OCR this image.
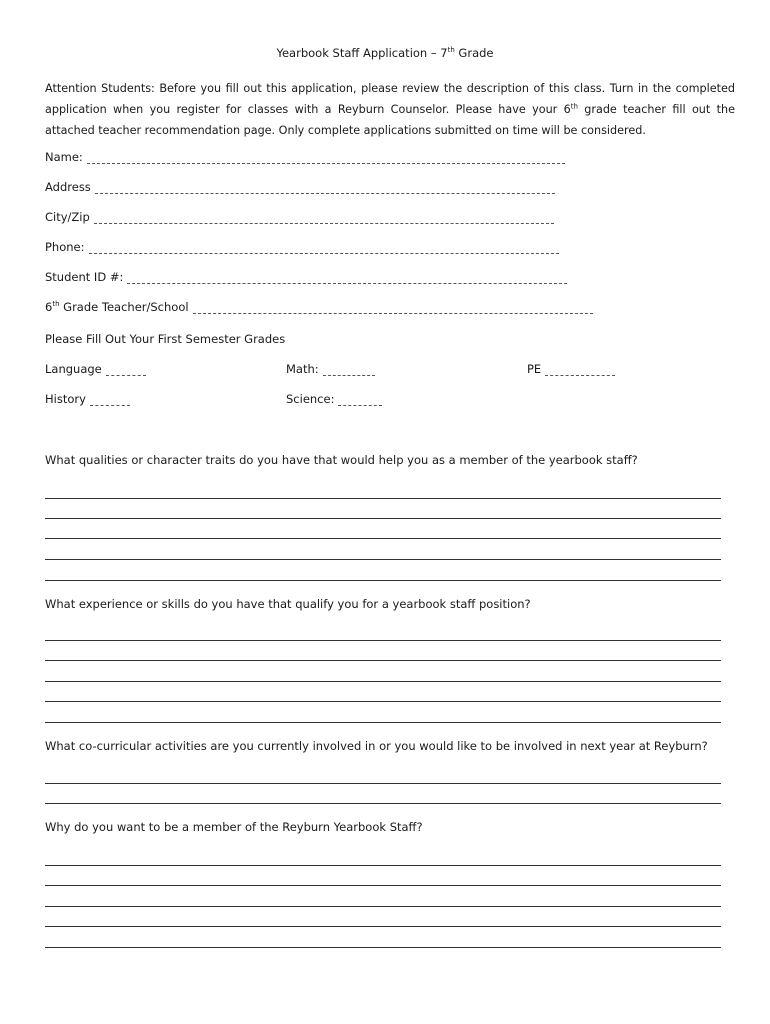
Yearbook Staff Application – 7th Grade
Attention Students: Before you fill out this application, please review the description of this class. Turn in the completed application when you register for classes with a Reyburn Counselor. Please have your 6th grade teacher fill out the attached teacher recommendation page. Only complete applications submitted on time will be considered.
Name:
Address
City/Zip
Phone:
Student ID #:
6th Grade Teacher/School
Please Fill Out Your First Semester Grades
Language	Math:	PE
History	Science:
What qualities or character traits do you have that would help you as a member of the yearbook staff?
What experience or skills do you have that qualify you for a yearbook staff position?
What co-curricular activities are you currently involved in or you would like to be involved in next year at Reyburn?
Why do you want to be a member of the Reyburn Yearbook Staff?
